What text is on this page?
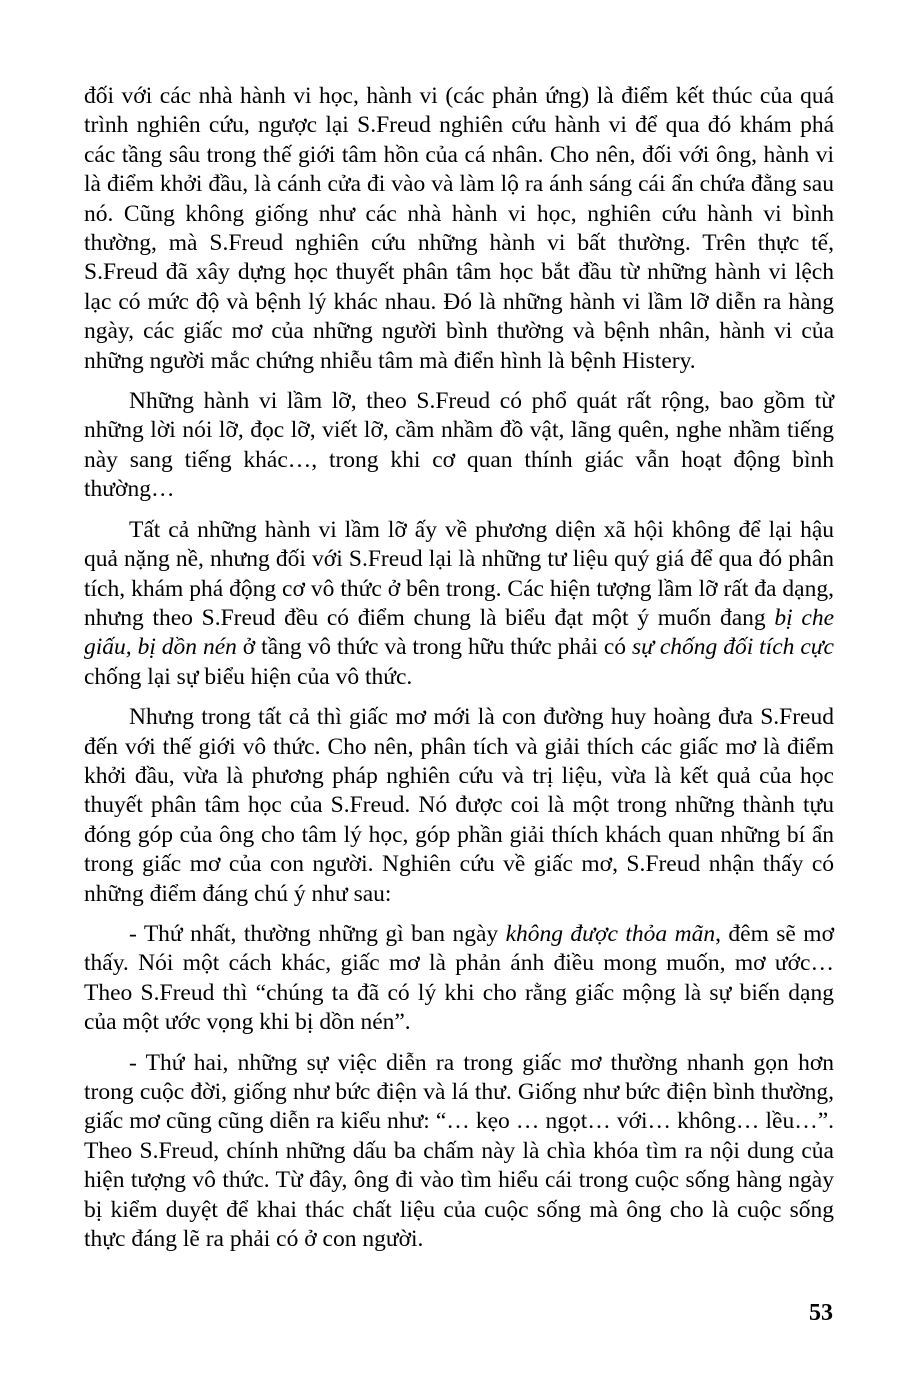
đối với các nhà hành vi học, hành vi (các phản ứng) là điểm kết thúc của quá trình nghiên cứu, ngược lại S.Freud nghiên cứu hành vi để qua đó khám phá các tầng sâu trong thế giới tâm hồn của cá nhân. Cho nên, đối với ông, hành vi là điểm khởi đầu, là cánh cửa đi vào và làm lộ ra ánh sáng cái ẩn chứa đằng sau nó. Cũng không giống như các nhà hành vi học, nghiên cứu hành vi bình thường, mà S.Freud nghiên cứu những hành vi bất thường. Trên thực tế, S.Freud đã xây dựng học thuyết phân tâm học bắt đầu từ những hành vi lệch lạc có mức độ và bệnh lý khác nhau. Đó là những hành vi lầm lỡ diễn ra hàng ngày, các giấc mơ của những người bình thường và bệnh nhân, hành vi của những người mắc chứng nhiễu tâm mà điển hình là bệnh Histery.

Những hành vi lầm lỡ, theo S.Freud có phổ quát rất rộng, bao gồm từ những lời nói lỡ, đọc lỡ, viết lỡ, cầm nhầm đồ vật, lãng quên, nghe nhầm tiếng này sang tiếng khác…, trong khi cơ quan thính giác vẫn hoạt động bình thường…

Tất cả những hành vi lầm lỡ ấy về phương diện xã hội không để lại hậu quả nặng nề, nhưng đối với S.Freud lại là những tư liệu quý giá để qua đó phân tích, khám phá động cơ vô thức ở bên trong. Các hiện tượng lầm lỡ rất đa dạng, nhưng theo S.Freud đều có điểm chung là biểu đạt một ý muốn đang bị che giấu, bị dồn nén ở tầng vô thức và trong hữu thức phải có sự chống đối tích cực chống lại sự biểu hiện của vô thức.

Nhưng trong tất cả thì giấc mơ mới là con đường huy hoàng đưa S.Freud đến với thế giới vô thức. Cho nên, phân tích và giải thích các giấc mơ là điểm khởi đầu, vừa là phương pháp nghiên cứu và trị liệu, vừa là kết quả của học thuyết phân tâm học của S.Freud. Nó được coi là một trong những thành tựu đóng góp của ông cho tâm lý học, góp phần giải thích khách quan những bí ẩn trong giấc mơ của con người. Nghiên cứu về giấc mơ, S.Freud nhận thấy có những điểm đáng chú ý như sau:

- Thứ nhất, thường những gì ban ngày không được thỏa mãn, đêm sẽ mơ thấy. Nói một cách khác, giấc mơ là phản ánh điều mong muốn, mơ ước… Theo S.Freud thì “chúng ta đã có lý khi cho rằng giấc mộng là sự biến dạng của một ước vọng khi bị dồn nén”.

- Thứ hai, những sự việc diễn ra trong giấc mơ thường nhanh gọn hơn trong cuộc đời, giống như bức điện và lá thư. Giống như bức điện bình thường, giấc mơ cũng cũng diễn ra kiểu như: “… kẹo … ngọt… với… không… lều…”. Theo S.Freud, chính những dấu ba chấm này là chìa khóa tìm ra nội dung của hiện tượng vô thức. Từ đây, ông đi vào tìm hiểu cái trong cuộc sống hàng ngày bị kiểm duyệt để khai thác chất liệu của cuộc sống mà ông cho là cuộc sống thực đáng lẽ ra phải có ở con người.

53
